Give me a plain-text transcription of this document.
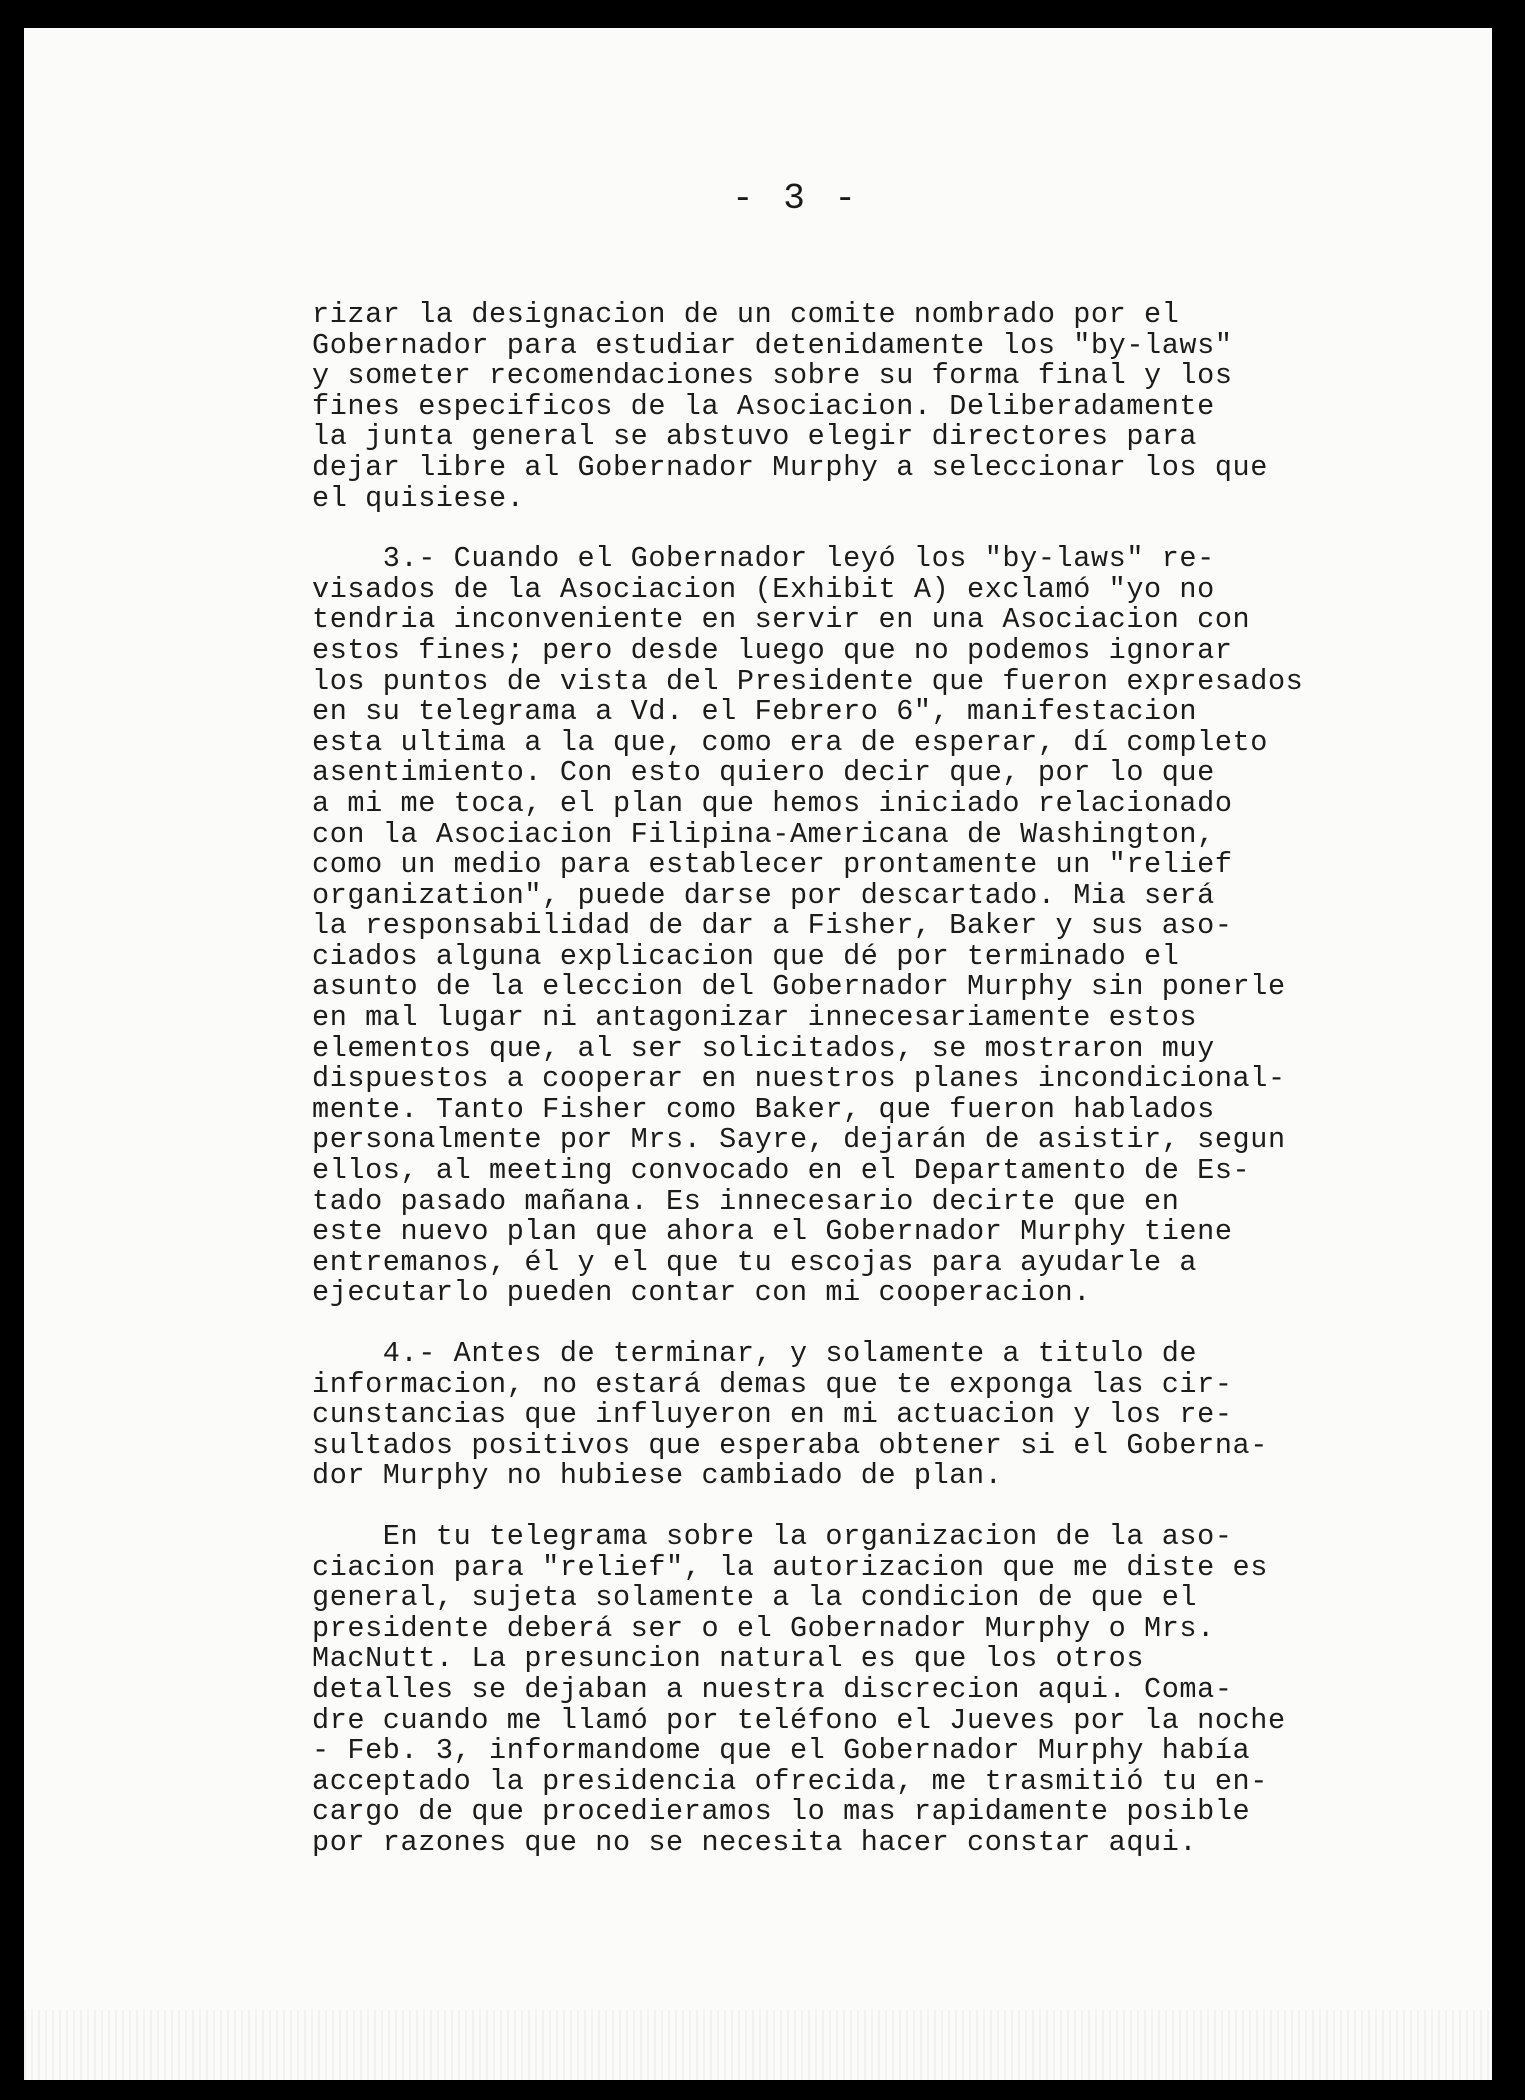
- 3 -
rizar la designacion de un comite nombrado por el
Gobernador para estudiar detenidamente los "by-laws"
y someter recomendaciones sobre su forma final y los
fines especificos de la Asociacion. Deliberadamente
la junta general se abstuvo elegir directores para
dejar libre al Gobernador Murphy a seleccionar los que
el quisiese.
3.- Cuando el Gobernador leyó los "by-laws" re-
visados de la Asociacion (Exhibit A) exclamó "yo no
tendria inconveniente en servir en una Asociacion con
estos fines; pero desde luego que no podemos ignorar
los puntos de vista del Presidente que fueron expresados
en su telegrama a Vd. el Febrero 6", manifestacion
esta ultima a la que, como era de esperar, dí completo
asentimiento. Con esto quiero decir que, por lo que
a mi me toca, el plan que hemos iniciado relacionado
con la Asociacion Filipina-Americana de Washington,
como un medio para establecer prontamente un "relief
organization", puede darse por descartado. Mia será
la responsabilidad de dar a Fisher, Baker y sus aso-
ciados alguna explicacion que dé por terminado el
asunto de la eleccion del Gobernador Murphy sin ponerle
en mal lugar ni antagonizar innecesariamente estos
elementos que, al ser solicitados, se mostraron muy
dispuestos a cooperar en nuestros planes incondicional-
mente. Tanto Fisher como Baker, que fueron hablados
personalmente por Mrs. Sayre, dejarán de asistir, segun
ellos, al meeting convocado en el Departamento de Es-
tado pasado mañana. Es innecesario decirte que en
este nuevo plan que ahora el Gobernador Murphy tiene
entremanos, él y el que tu escojas para ayudarle a
ejecutarlo pueden contar con mi cooperacion.
4.- Antes de terminar, y solamente a titulo de
informacion, no estará demas que te exponga las cir-
cunstancias que influyeron en mi actuacion y los re-
sultados positivos que esperaba obtener si el Goberna-
dor Murphy no hubiese cambiado de plan.
En tu telegrama sobre la organizacion de la aso-
ciacion para "relief", la autorizacion que me diste es
general, sujeta solamente a la condicion de que el
presidente deberá ser o el Gobernador Murphy o Mrs.
MacNutt. La presuncion natural es que los otros
detalles se dejaban a nuestra discrecion aqui. Coma-
dre cuando me llamó por teléfono el Jueves por la noche
- Feb. 3, informandome que el Gobernador Murphy había
acceptado la presidencia ofrecida, me trasmitió tu en-
cargo de que procedieramos lo mas rapidamente posible
por razones que no se necesita hacer constar aqui.
